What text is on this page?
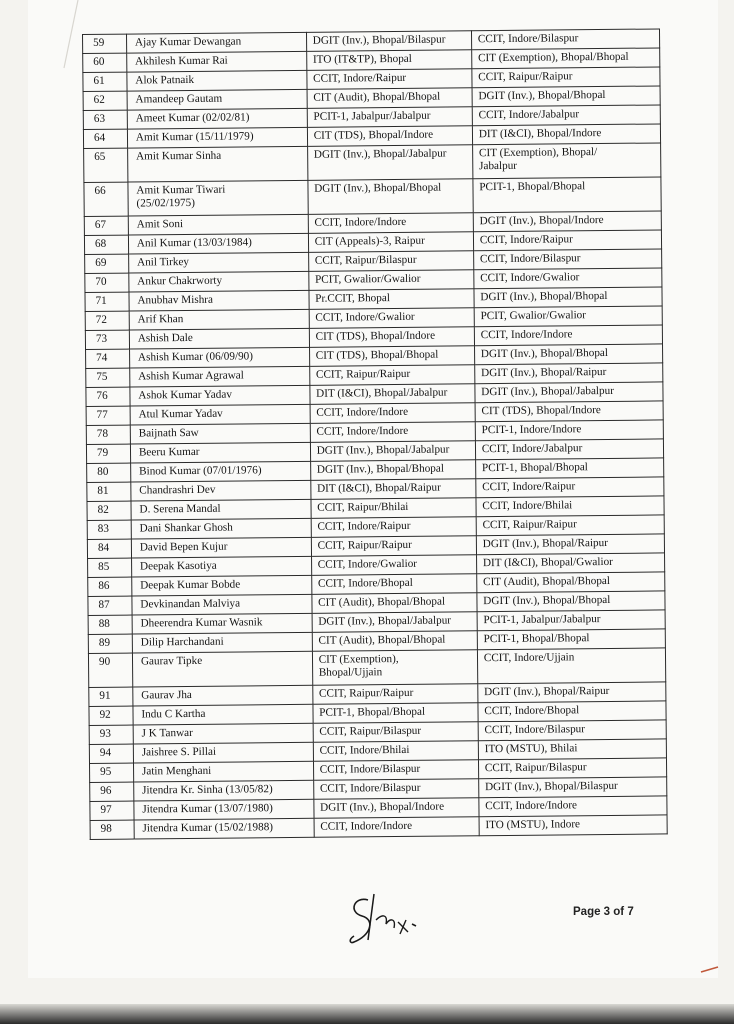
59	Ajay Kumar Dewangan	DGIT (Inv.), Bhopal/Bilaspur	CCIT, Indore/Bilaspur

60	Akhilesh Kumar Rai	ITO (IT&TP), Bhopal	CIT (Exemption), Bhopal/Bhopal

61	Alok Patnaik	CCIT, Indore/Raipur	CCIT, Raipur/Raipur

62	Amandeep Gautam	CIT (Audit), Bhopal/Bhopal	DGIT (Inv.), Bhopal/Bhopal

63	Ameet Kumar (02/02/81)	PCIT-1, Jabalpur/Jabalpur	CCIT, Indore/Jabalpur

64	Amit Kumar (15/11/1979)	CIT (TDS), Bhopal/Indore	DIT (I&CI), Bhopal/Indore

65	Amit Kumar Sinha	DGIT (Inv.), Bhopal/Jabalpur	CIT (Exemption), Bhopal/
Jabalpur

66	Amit Kumar Tiwari
(25/02/1975)	DGIT (Inv.), Bhopal/Bhopal	PCIT-1, Bhopal/Bhopal

67	Amit Soni	CCIT, Indore/Indore	DGIT (Inv.), Bhopal/Indore

68	Anil Kumar (13/03/1984)	CIT (Appeals)-3, Raipur	CCIT, Indore/Raipur

69	Anil Tirkey	CCIT, Raipur/Bilaspur	CCIT, Indore/Bilaspur

70	Ankur Chakrworty	PCIT, Gwalior/Gwalior	CCIT, Indore/Gwalior

71	Anubhav Mishra	Pr.CCIT, Bhopal	DGIT (Inv.), Bhopal/Bhopal

72	Arif Khan	CCIT, Indore/Gwalior	PCIT, Gwalior/Gwalior

73	Ashish Dale	CIT (TDS), Bhopal/Indore	CCIT, Indore/Indore

74	Ashish Kumar (06/09/90)	CIT (TDS), Bhopal/Bhopal	DGIT (Inv.), Bhopal/Bhopal

75	Ashish Kumar Agrawal	CCIT, Raipur/Raipur	DGIT (Inv.), Bhopal/Raipur

76	Ashok Kumar Yadav	DIT (I&CI), Bhopal/Jabalpur	DGIT (Inv.), Bhopal/Jabalpur

77	Atul Kumar Yadav	CCIT, Indore/Indore	CIT (TDS), Bhopal/Indore

78	Baijnath Saw	CCIT, Indore/Indore	PCIT-1, Indore/Indore

79	Beeru Kumar	DGIT (Inv.), Bhopal/Jabalpur	CCIT, Indore/Jabalpur

80	Binod Kumar (07/01/1976)	DGIT (Inv.), Bhopal/Bhopal	PCIT-1, Bhopal/Bhopal

81	Chandrashri Dev	DIT (I&CI), Bhopal/Raipur	CCIT, Indore/Raipur

82	D. Serena Mandal	CCIT, Raipur/Bhilai	CCIT, Indore/Bhilai

83	Dani Shankar Ghosh	CCIT, Indore/Raipur	CCIT, Raipur/Raipur

84	David Bepen Kujur	CCIT, Raipur/Raipur	DGIT (Inv.), Bhopal/Raipur

85	Deepak Kasotiya	CCIT, Indore/Gwalior	DIT (I&CI), Bhopal/Gwalior

86	Deepak Kumar Bobde	CCIT, Indore/Bhopal	CIT (Audit), Bhopal/Bhopal

87	Devkinandan Malviya	CIT (Audit), Bhopal/Bhopal	DGIT (Inv.), Bhopal/Bhopal

88	Dheerendra Kumar Wasnik	DGIT (Inv.), Bhopal/Jabalpur	PCIT-1, Jabalpur/Jabalpur

89	Dilip Harchandani	CIT (Audit), Bhopal/Bhopal	PCIT-1, Bhopal/Bhopal

90	Gaurav Tipke	CIT (Exemption),
Bhopal/Ujjain	CCIT, Indore/Ujjain

91	Gaurav Jha	CCIT, Raipur/Raipur	DGIT (Inv.), Bhopal/Raipur

92	Indu C Kartha	PCIT-1, Bhopal/Bhopal	CCIT, Indore/Bhopal

93	J K Tanwar	CCIT, Raipur/Bilaspur	CCIT, Indore/Bilaspur

94	Jaishree S. Pillai	CCIT, Indore/Bhilai	ITO (MSTU), Bhilai

95	Jatin Menghani	CCIT, Indore/Bilaspur	CCIT, Raipur/Bilaspur

96	Jitendra Kr. Sinha (13/05/82)	CCIT, Indore/Bilaspur	DGIT (Inv.), Bhopal/Bilaspur

97	Jitendra Kumar (13/07/1980)	DGIT (Inv.), Bhopal/Indore	CCIT, Indore/Indore

98	Jitendra Kumar (15/02/1988)	CCIT, Indore/Indore	ITO (MSTU), Indore
Page 3 of 7
